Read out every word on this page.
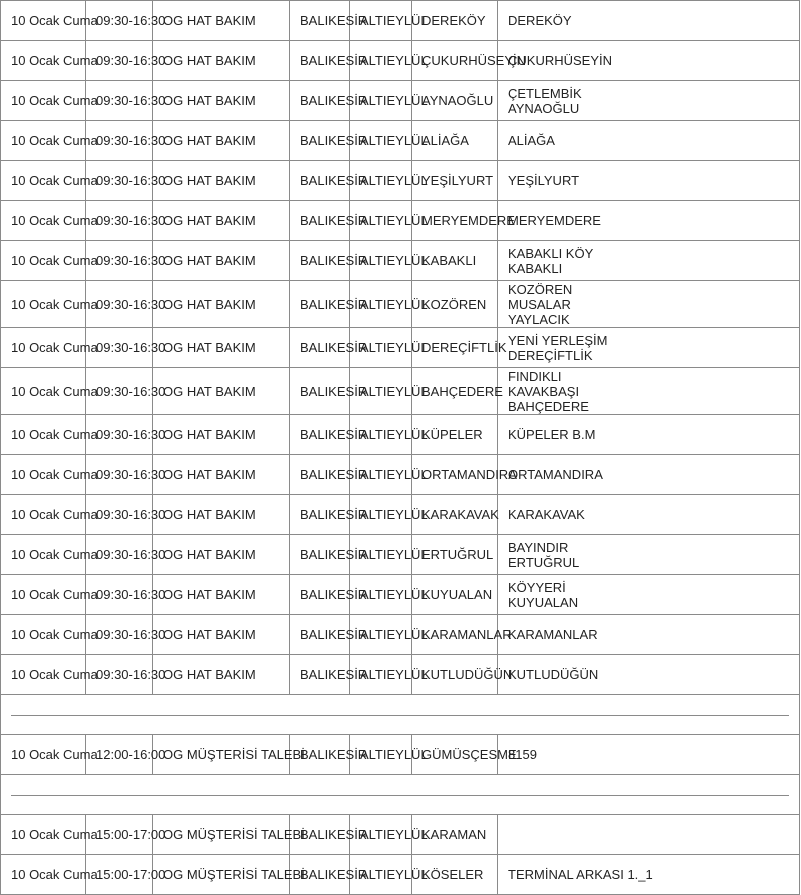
10 Ocak Cuma	09:30-16:30	OG HAT BAKIM	BALIKESİR	ALTIEYLÜL	DEREKÖY	DEREKÖY

10 Ocak Cuma	09:30-16:30	OG HAT BAKIM	BALIKESİR	ALTIEYLÜL	ÇUKURHÜSEYİN	ÇUKURHÜSEYİN

10 Ocak Cuma	09:30-16:30	OG HAT BAKIM	BALIKESİR	ALTIEYLÜL	AYNAOĞLU	ÇETLEMBİK
AYNAOĞLU

10 Ocak Cuma	09:30-16:30	OG HAT BAKIM	BALIKESİR	ALTIEYLÜL	ALİAĞA	ALİAĞA

10 Ocak Cuma	09:30-16:30	OG HAT BAKIM	BALIKESİR	ALTIEYLÜL	YEŞİLYURT	YEŞİLYURT

10 Ocak Cuma	09:30-16:30	OG HAT BAKIM	BALIKESİR	ALTIEYLÜL	MERYEMDERE	MERYEMDERE

10 Ocak Cuma	09:30-16:30	OG HAT BAKIM	BALIKESİR	ALTIEYLÜL	KABAKLI	KABAKLI KÖY
KABAKLI

10 Ocak Cuma	09:30-16:30	OG HAT BAKIM	BALIKESİR	ALTIEYLÜL	KOZÖREN	KOZÖREN
MUSALAR
YAYLACIK

10 Ocak Cuma	09:30-16:30	OG HAT BAKIM	BALIKESİR	ALTIEYLÜL	DEREÇİFTLİK	YENİ YERLEŞİM
DEREÇİFTLİK

10 Ocak Cuma	09:30-16:30	OG HAT BAKIM	BALIKESİR	ALTIEYLÜL	BAHÇEDERE	FINDIKLI
KAVAKBAŞI
BAHÇEDERE

10 Ocak Cuma	09:30-16:30	OG HAT BAKIM	BALIKESİR	ALTIEYLÜL	KÜPELER	KÜPELER B.M

10 Ocak Cuma	09:30-16:30	OG HAT BAKIM	BALIKESİR	ALTIEYLÜL	ORTAMANDIRA	ORTAMANDIRA

10 Ocak Cuma	09:30-16:30	OG HAT BAKIM	BALIKESİR	ALTIEYLÜL	KARAKAVAK	KARAKAVAK

10 Ocak Cuma	09:30-16:30	OG HAT BAKIM	BALIKESİR	ALTIEYLÜL	ERTUĞRUL	BAYINDIR
ERTUĞRUL

10 Ocak Cuma	09:30-16:30	OG HAT BAKIM	BALIKESİR	ALTIEYLÜL	KUYUALAN	KÖYYERİ
KUYUALAN

10 Ocak Cuma	09:30-16:30	OG HAT BAKIM	BALIKESİR	ALTIEYLÜL	KARAMANLAR	KARAMANLAR

10 Ocak Cuma	09:30-16:30	OG HAT BAKIM	BALIKESİR	ALTIEYLÜL	KUTLUDÜĞÜN	KUTLUDÜĞÜN

10 Ocak Cuma	12:00-16:00	OG MÜŞTERİSİ TALEBİ	BALIKESİR	ALTIEYLÜL	GÜMÜSÇESME	8159

10 Ocak Cuma	15:00-17:00	OG MÜŞTERİSİ TALEBİ	BALIKESİR	ALTIEYLÜL	KARAMAN	
10 Ocak Cuma	15:00-17:00	OG MÜŞTERİSİ TALEBİ	BALIKESİR	ALTIEYLÜL	KÖSELER	TERMİNAL ARKASI 1._1
